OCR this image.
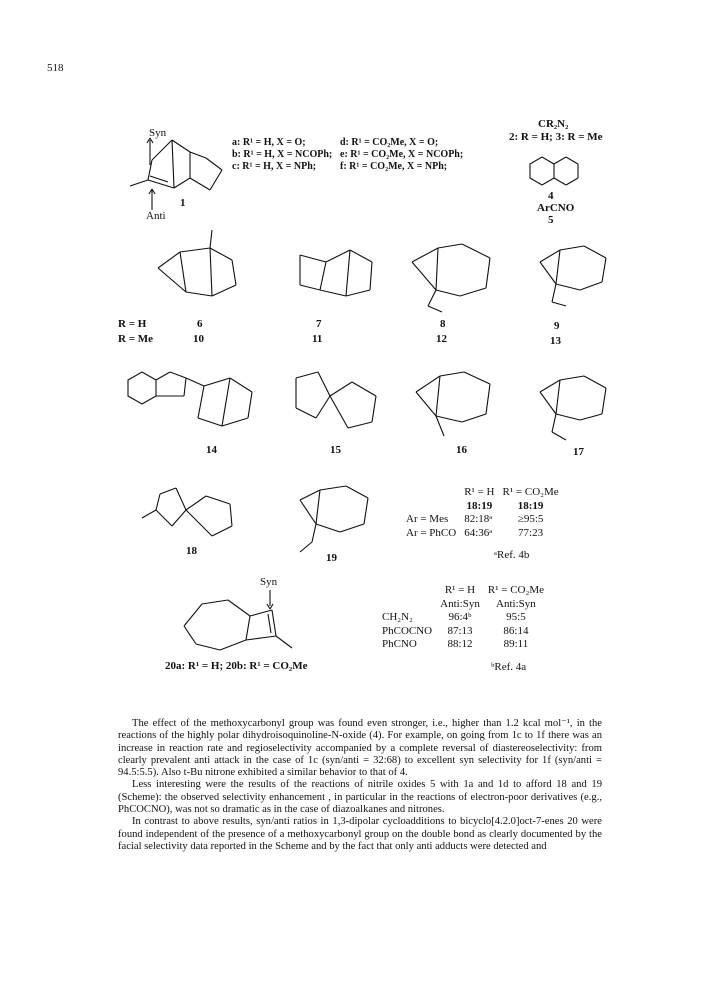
518
Syn
Anti
1
a: R¹ = H, X = O;
b: R¹ = H, X = NCOPh;
c: R¹ = H, X = NPh;
d: R¹ = CO₂Me, X = O;
e: R¹ = CO₂Me, X = NCOPh;
f: R¹ = CO₂Me, X = NPh;
CR₂N₂
2: R = H; 3: R = Me
4
ArCNO
5
R = H
R = Me
6
10
7
11
8
12
9
13
14	15	16	17
18
19
	R¹ = H	R¹ = CO₂Me
	18:19	18:19
Ar = Mes	82:18ᵃ	≥95:5
Ar = PhCO	64:36ᵃ	77:23
ᵃRef. 4b
Syn
20a: R¹ = H; 20b: R¹ = CO₂Me
	R¹ = H	R¹ = CO₂Me
	Anti:Syn	Anti:Syn
CH₂N₂	96:4ᵇ	95:5
PhCOCNO	87:13	86:14
PhCNO	88:12	89:11
ᵇRef. 4a

The effect of the methoxycarbonyl group was found even stronger, i.e., higher than 1.2 kcal mol⁻¹, in the reactions of the highly polar dihydroisoquinoline-N-oxide (4). For example, on going from 1c to 1f there was an increase in reaction rate and regioselectivity accompanied by a complete reversal of diastereoselectivity: from clearly prevalent anti attack in the case of 1c (syn/anti = 32:68) to excellent syn selectivity for 1f (syn/anti = 94.5:5.5). Also t-Bu nitrone exhibited a similar behavior to that of 4.

Less interesting were the results of the reactions of nitrile oxides 5 with 1a and 1d to afford 18 and 19 (Scheme): the observed selectivity enhancement , in particular in the reactions of electron-poor derivatives (e.g., PhCOCNO), was not so dramatic as in the case of diazoalkanes and nitrones.

In contrast to above results, syn/anti ratios in 1,3-dipolar cycloadditions to bicyclo[4.2.0]oct-7-enes 20 were found independent of the presence of a methoxycarbonyl group on the double bond as clearly documented by the facial selectivity data reported in the Scheme and by the fact that only anti adducts were detected and
